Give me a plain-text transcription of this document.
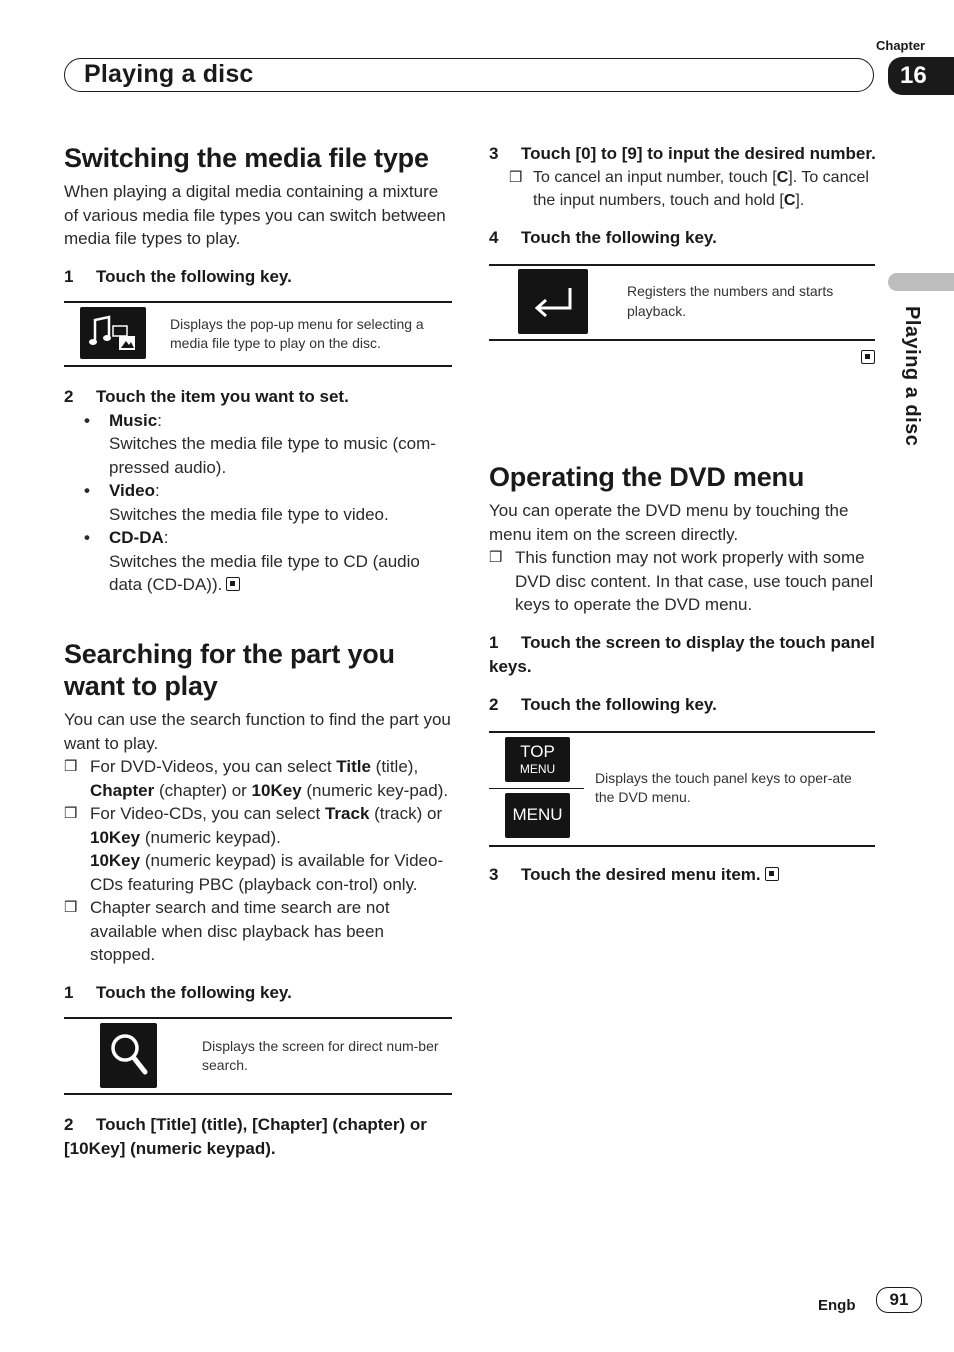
Chapter
Playing a disc	16
Playing a disc
Switching the media file type
When playing a digital media containing a mixture of various media file types you can switch between media file types to play.
1 Touch the following key.
Displays the pop-up menu for selecting a media file type to play on the disc.
2 Touch the item you want to set.
•	Music:
Switches the media file type to music (com-pressed audio).
•	Video:
Switches the media file type to video.
•	CD-DA:
Switches the media file type to CD (audio data (CD-DA)).
Searching for the part you want to play
You can use the search function to find the part you want to play.
❒ For DVD-Videos, you can select Title (title), Chapter (chapter) or 10Key (numeric key-pad).
❒ For Video-CDs, you can select Track (track) or 10Key (numeric keypad).
10Key (numeric keypad) is available for Video-CDs featuring PBC (playback con-trol) only.
❒ Chapter search and time search are not available when disc playback has been stopped.
1 Touch the following key.
Displays the screen for direct num-ber search.
2 Touch [Title] (title), [Chapter] (chapter) or [10Key] (numeric keypad).
3 Touch [0] to [9] to input the desired number.
❒ To cancel an input number, touch [C]. To cancel the input numbers, touch and hold [C].
4 Touch the following key.
Registers the numbers and starts playback.
Operating the DVD menu
You can operate the DVD menu by touching the menu item on the screen directly.
❒ This function may not work properly with some DVD disc content. In that case, use touch panel keys to operate the DVD menu.
1 Touch the screen to display the touch panel keys.
2 Touch the following key.
TOP
MENU
MENU
Displays the touch panel keys to oper-ate the DVD menu.
3 Touch the desired menu item.
Engb	91
